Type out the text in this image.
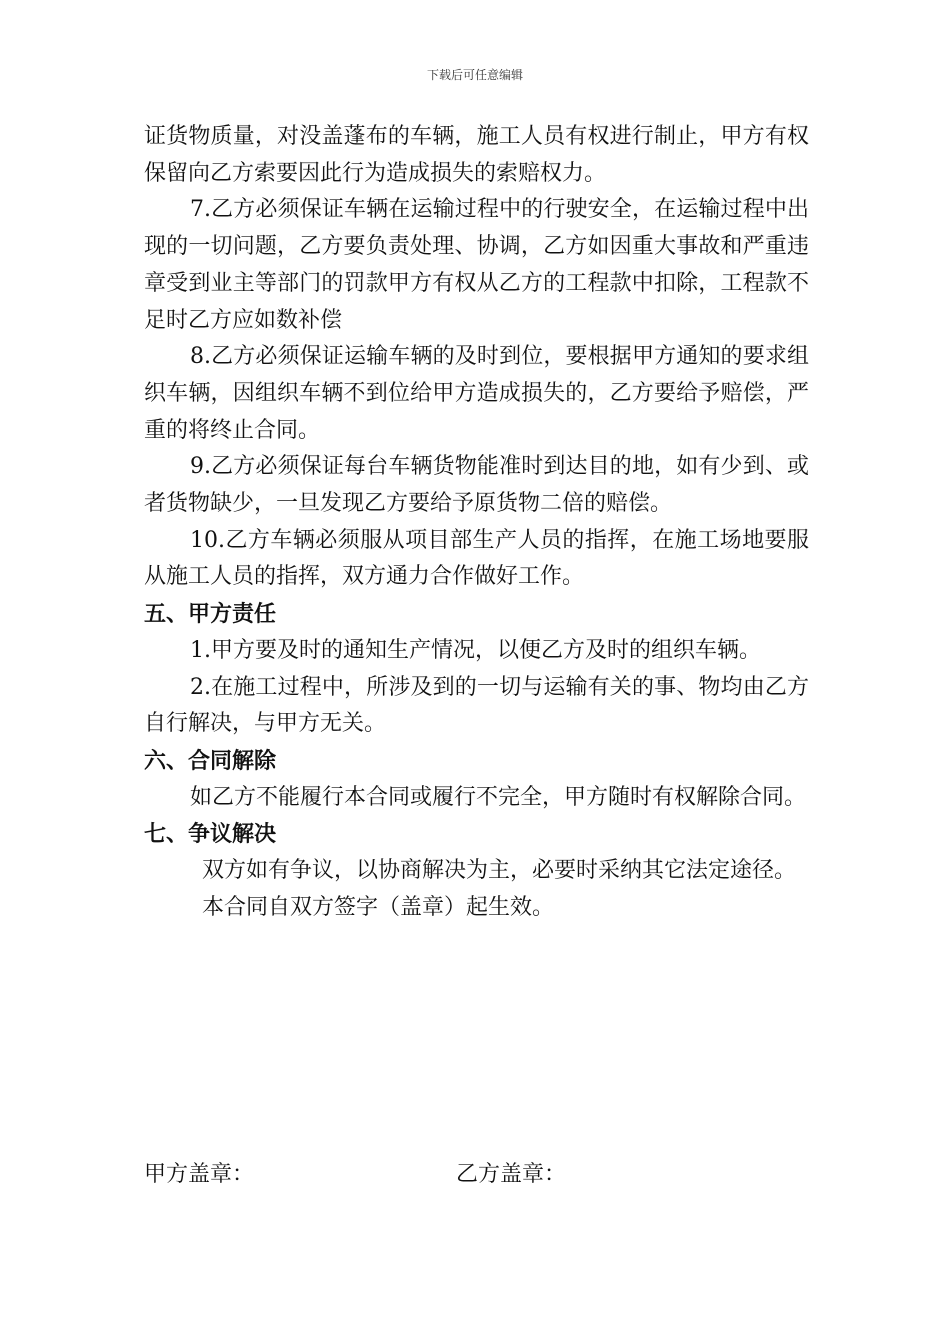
下载后可任意编辑

证货物质量，对没盖蓬布的车辆，施工人员有权进行制止，甲方有权保留向乙方索要因此行为造成损失的索赔权力。

7.乙方必须保证车辆在运输过程中的行驶安全，在运输过程中出现的一切问题，乙方要负责处理、协调，乙方如因重大事故和严重违章受到业主等部门的罚款甲方有权从乙方的工程款中扣除，工程款不足时乙方应如数补偿

8.乙方必须保证运输车辆的及时到位，要根据甲方通知的要求组织车辆，因组织车辆不到位给甲方造成损失的，乙方要给予赔偿，严重的将终止合同。

9.乙方必须保证每台车辆货物能准时到达目的地，如有少到、或者货物缺少，一旦发现乙方要给予原货物二倍的赔偿。

10.乙方车辆必须服从项目部生产人员的指挥，在施工场地要服从施工人员的指挥，双方通力合作做好工作。

五、甲方责任

1.甲方要及时的通知生产情况，以便乙方及时的组织车辆。

2.在施工过程中，所涉及到的一切与运输有关的事、物均由乙方自行解决，与甲方无关。

六、合同解除

如乙方不能履行本合同或履行不完全，甲方随时有权解除合同。

七、争议解决

双方如有争议，以协商解决为主，必要时采纳其它法定途径。

本合同自双方签字（盖章）起生效。

甲方盖章：	乙方盖章：
